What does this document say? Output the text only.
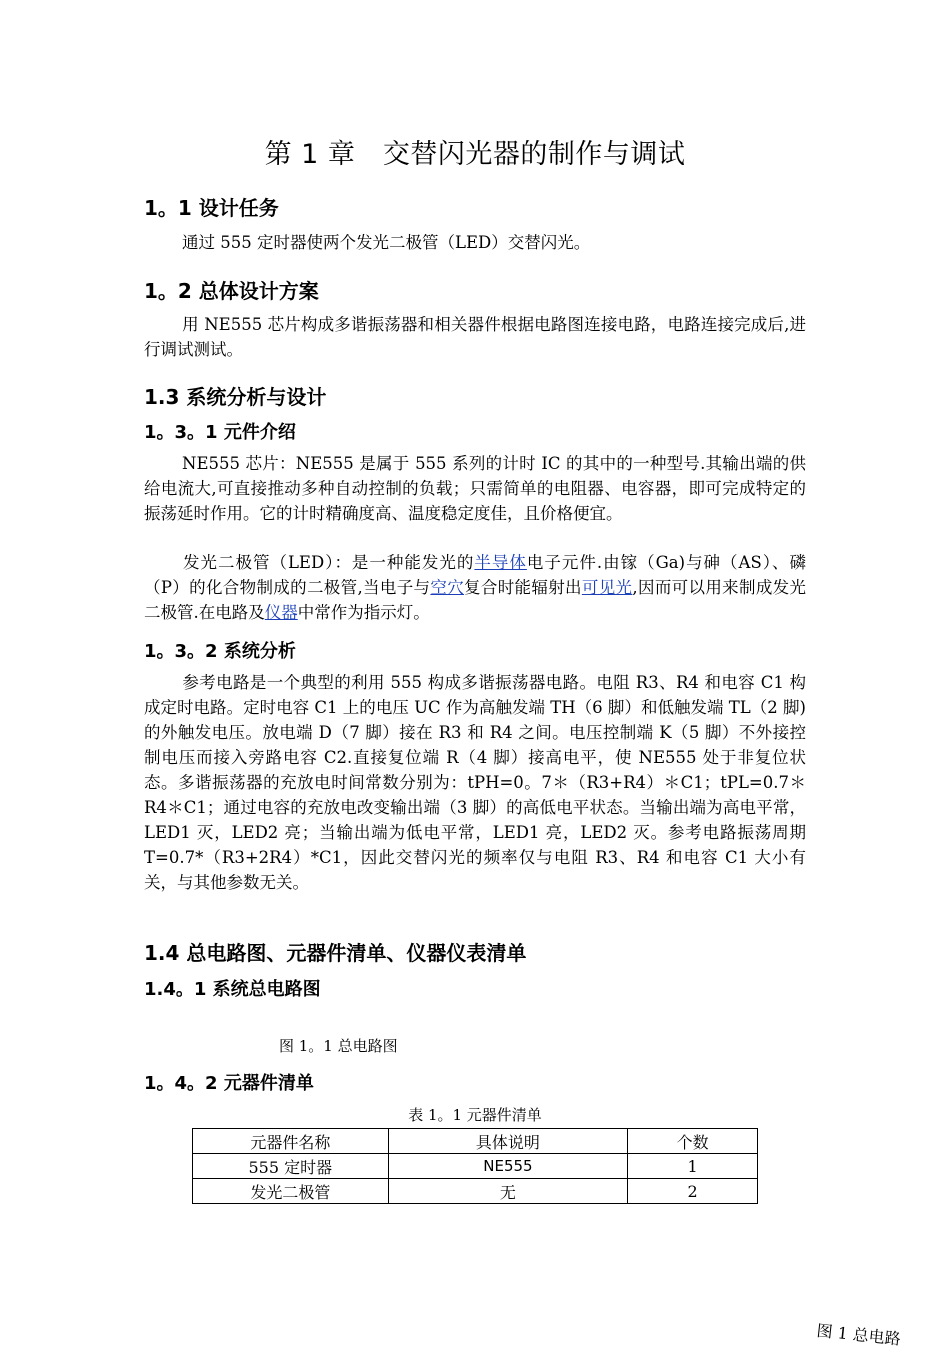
第 1 章　交替闪光器的制作与调试
1。1 设计任务
通过 555 定时器使两个发光二极管（LED）交替闪光。
1。2 总体设计方案
用 NE555 芯片构成多谐振荡器和相关器件根据电路图连接电路，电路连接完成后,进行调试测试。
1.3 系统分析与设计
1。3。1 元件介绍
NE555 芯片：NE555 是属于 555 系列的计时 IC 的其中的一种型号.其输出端的供给电流大,可直接推动多种自动控制的负载；只需简单的电阻器、电容器，即可完成特定的振荡延时作用。它的计时精确度高、温度稳定度佳，且价格便宜。
发光二极管（LED）：是一种能发光的半导体电子元件.由镓（Ga)与砷（AS）、磷（P）的化合物制成的二极管,当电子与空穴复合时能辐射出可见光,因而可以用来制成发光二极管.在电路及仪器中常作为指示灯。
1。3。2 系统分析
参考电路是一个典型的利用 555 构成多谐振荡器电路。电阻 R3、R4 和电容 C1 构成定时电路。定时电容 C1 上的电压 UC 作为高触发端 TH（6 脚）和低触发端 TL（2 脚)的外触发电压。放电端 D（7 脚）接在 R3 和 R4 之间。电压控制端 K（5 脚）不外接控制电压而接入旁路电容 C2.直接复位端 R（4 脚）接高电平，使 NE555 处于非复位状态。多谐振荡器的充放电时间常数分别为：tPH=0。7＊（R3+R4）＊C1；tPL=0.7＊R4＊C1；通过电容的充放电改变输出端（3 脚）的高低电平状态。当输出端为高电平常，LED1 灭，LED2 亮；当输出端为低电平常，LED1 亮，LED2 灭。参考电路振荡周期 T=0.7*（R3+2R4）*C1，因此交替闪光的频率仅与电阻 R3、R4 和电容 C1 大小有关，与其他参数无关。
1.4 总电路图、元器件清单、仪器仪表清单
1.4。1 系统总电路图
图 1。1 总电路图
1。4。2 元器件清单
表 1。1 元器件清单
元器件名称	具体说明	个数
555 定时器	NE555	1
发光二极管	无	2
图 1 总电路
